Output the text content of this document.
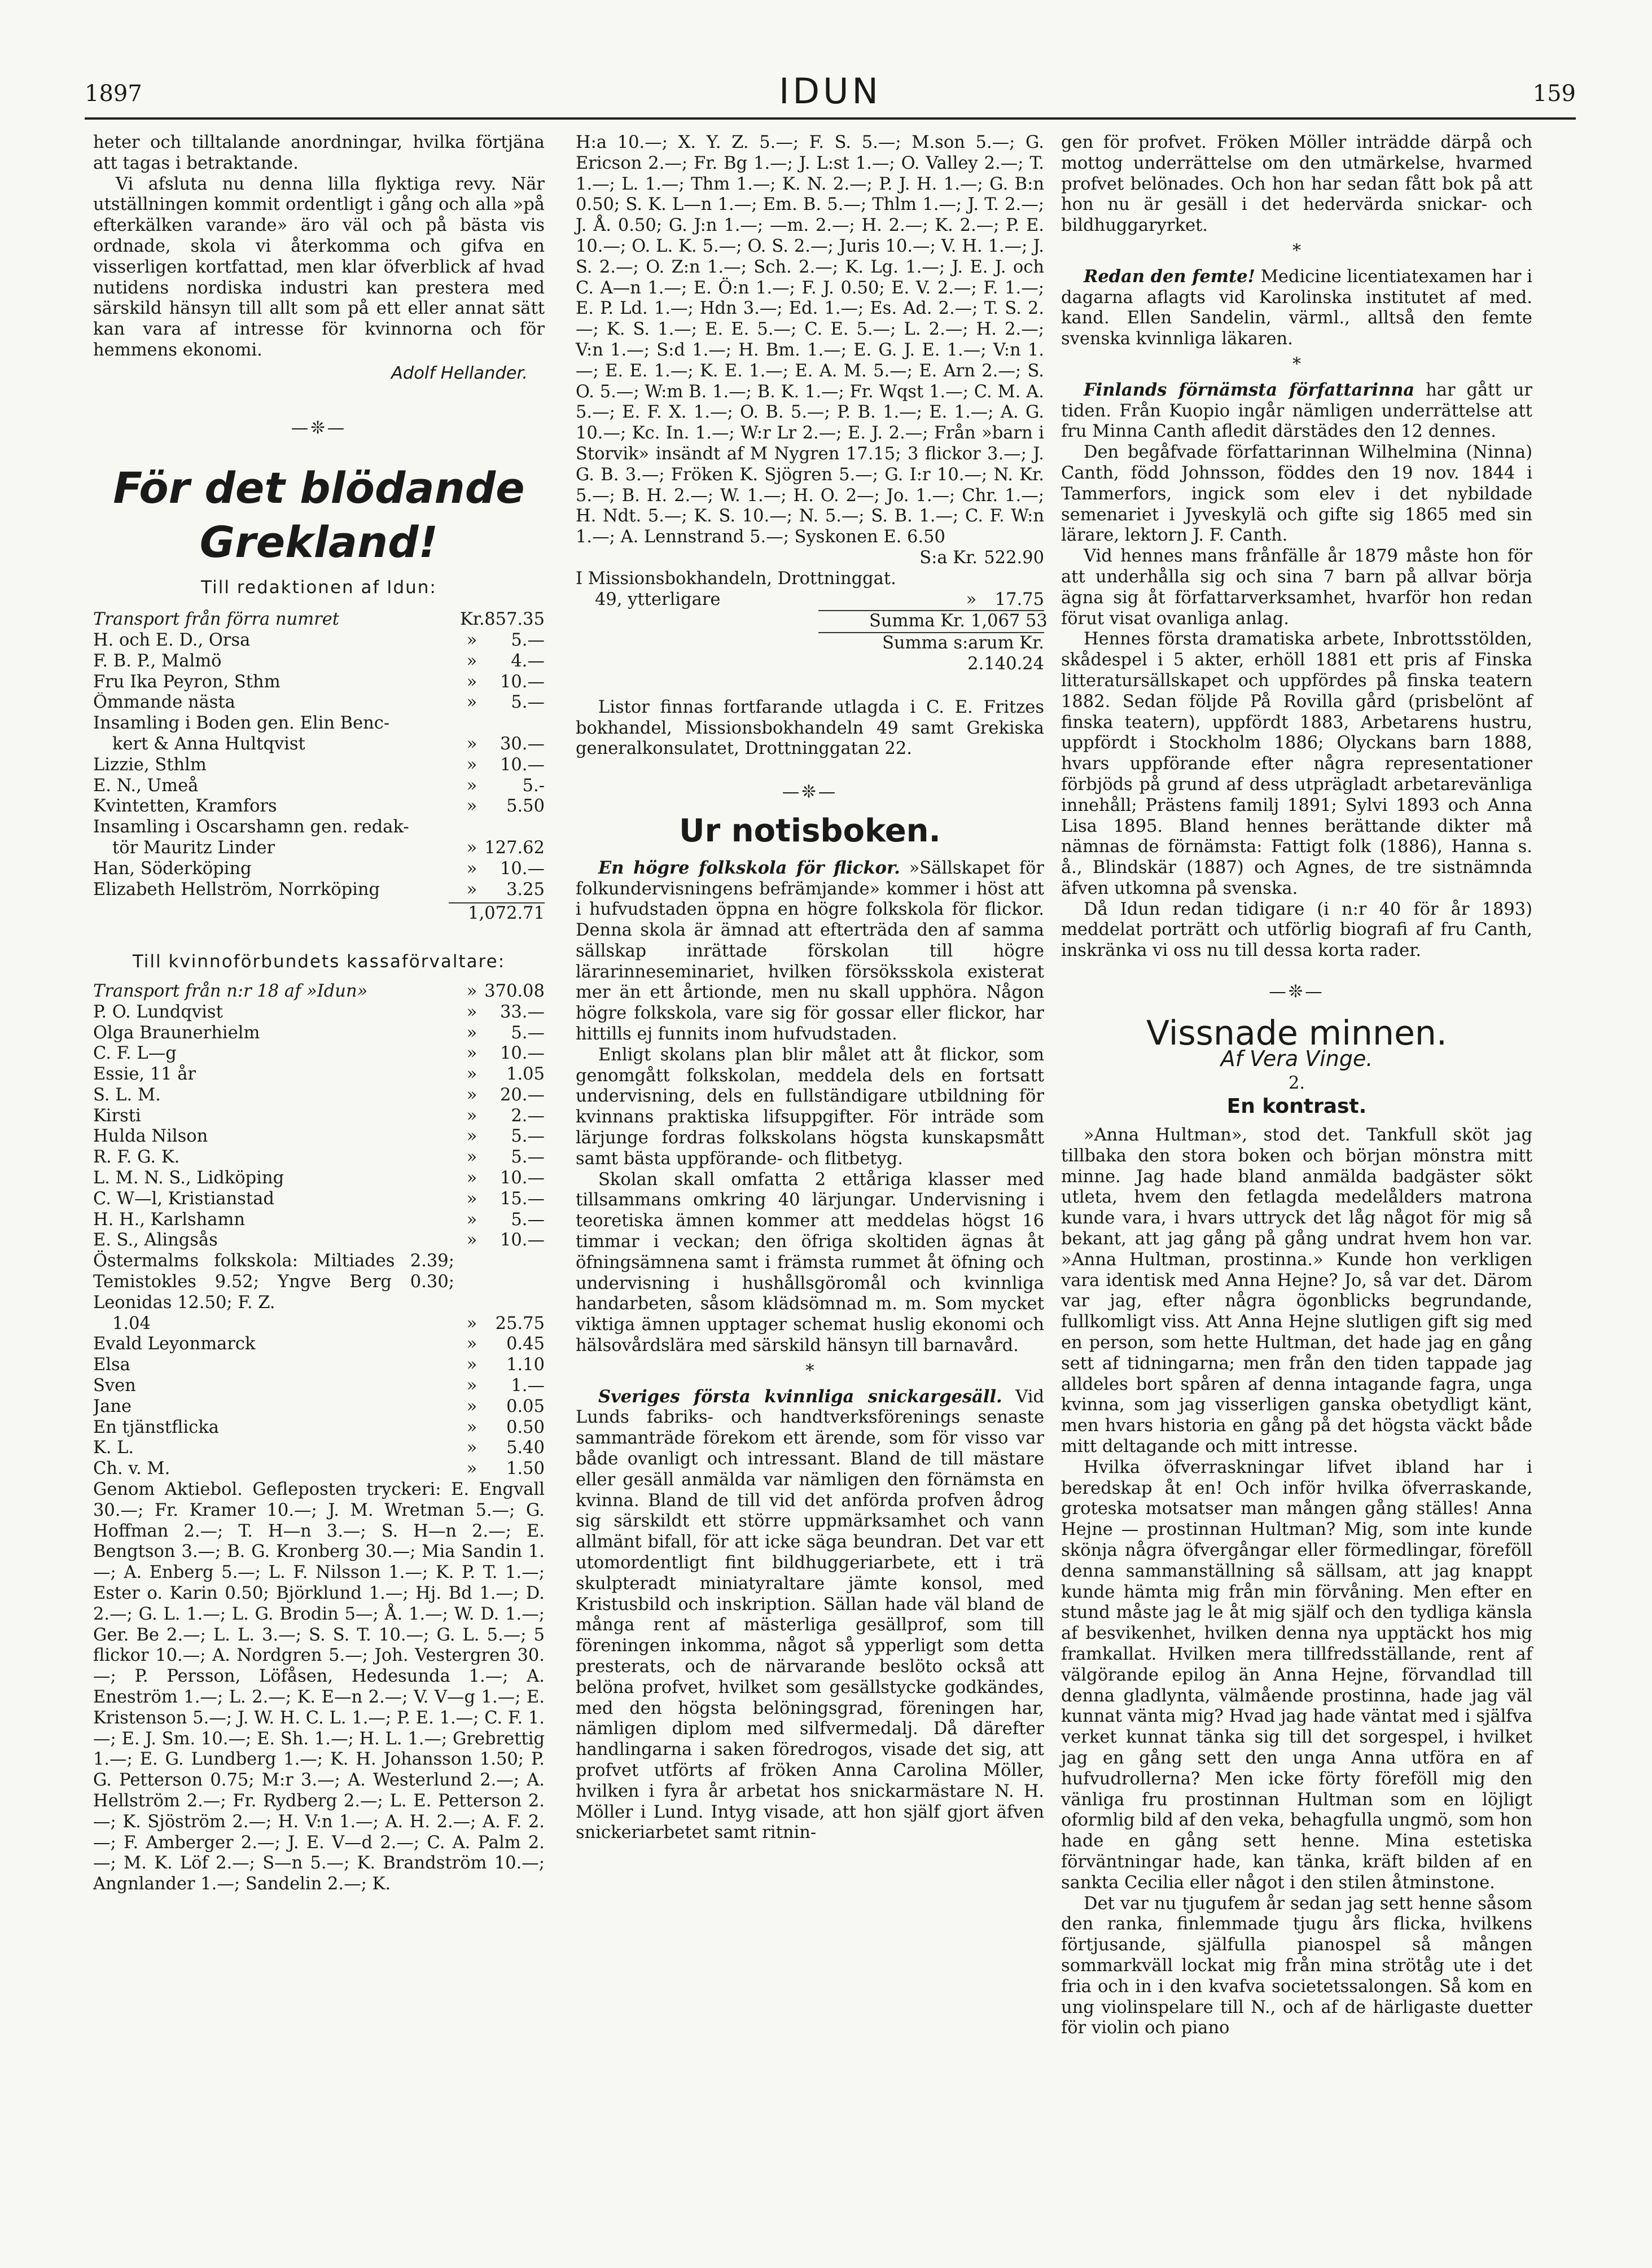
1897	IDUN	159

heter och tilltalande anordningar, hvilka förtjäna att tagas i betraktande.

Vi afsluta nu denna lilla flyktiga revy. När utställningen kommit ordentligt i gång och alla »på efterkälken varande» äro väl och på bästa vis ordnade, skola vi återkomma och gifva en visserligen kortfattad, men klar öfverblick af hvad nutidens nordiska industri kan prestera med särskild hänsyn till allt som på ett eller annat sätt kan vara af intresse för kvinnorna och för hemmens ekonomi.

Adolf Hellander.
—❊—
För det blödande Grekland!
Till redaktionen af Idun:
Transport från förra numret	Kr. 857.35
H. och E. D., Orsa	»	5.—
F. B. P., Malmö	»	4.—
Fru Ika Peyron, Sthm	»	10.—
Ömmande nästa	»	5.—
Insamling i Boden gen. Elin Benc-
kert & Anna Hultqvist	»	30.—
Lizzie, Sthlm	»	10.—
E. N., Umeå	»	5.-
Kvintetten, Kramfors	»	5.50
Insamling i Oscarshamn gen. redak-
tör Mauritz Linder	» 127.62
Han, Söderköping	»	10.—
Elizabeth Hellström, Norrköping	»	3.25
1,072.71
Till kvinnoförbundets kassaförvaltare:
Transport från n:r 18 af »Idun»	» 370.08
P. O. Lundqvist	»	33.—
Olga Braunerhielm	»	5.—
C. F. L—g	»	10.—
Essie, 11 år	»	1.05
S. L. M.	»	20.—
Kirsti	»	2.—
Hulda Nilson	»	5.—
R. F. G. K.	»	5.—
L. M. N. S., Lidköping	»	10.—
C. W—l, Kristianstad	»	15.—
H. H., Karlshamn	»	5.—
E. S., Alingsås	»	10.—

Östermalms folkskola: Miltiades 2.39; Temistokles 9.52; Yngve Berg 0.30; Leonidas 12.50; F. Z.

1.04	»	25.75
Evald Leyonmarck	»	0.45
Elsa	»	1.10
Sven	»	1.—
Jane	»	0.05
En tjänstflicka	»	0.50
K. L.	»	5.40
Ch. v. M.	»	1.50

Genom Aktiebol. Gefleposten tryckeri: E. Engvall 30.—; Fr. Kramer 10.—; J. M. Wretman 5.—; G. Hoffman 2.—; T. H—n 3.—; S. H—n 2.—; E. Bengtson 3.—; B. G. Kronberg 30.—; Mia Sandin 1.—; A. Enberg 5.—; L. F. Nilsson 1.—; K. P. T. 1.—; Ester o. Karin 0.50; Björklund 1.—; Hj. Bd 1.—; D. 2.—; G. L. 1.—; L. G. Brodin 5—; Å. 1.—; W. D. 1.—; Ger. Be 2.—; L. L. 3.—; S. S. T. 10.—; G. L. 5.—; 5 flickor 10.—; A. Nordgren 5.—; Joh. Vestergren 30.—; P. Persson, Löfåsen, Hedesunda 1.—; A. Eneström 1.—; L. 2.—; K. E—n 2.—; V. V—g 1.—; E. Kristenson 5.—; J. W. H. C. L. 1.—; P. E. 1.—; C. F. 1.—; E. J. Sm. 10.—; E. Sh. 1.—; H. L. 1.—; Grebrettig 1.—; E. G. Lundberg 1.—; K. H. Johansson 1.50; P. G. Petterson 0.75; M:r 3.—; A. Westerlund 2.—; A. Hellström 2.—; Fr. Rydberg 2.—; L. E. Petterson 2.—; K. Sjöström 2.—; H. V:n 1.—; A. H. 2.—; A. F. 2.—; F. Amberger 2.—; J. E. V—d 2.—; C. A. Palm 2.—; M. K. Löf 2.—; S—n 5.—; K. Brandström 10.—; Angnlander 1.—; Sandelin 2.—; K.

H:a 10.—; X. Y. Z. 5.—; F. S. 5.—; M.son 5.—; G. Ericson 2.—; Fr. Bg 1.—; J. L:st 1.—; O. Valley 2.—; T. 1.—; L. 1.—; Thm 1.—; K. N. 2.—; P. J. H. 1.—; G. B:n 0.50; S. K. L—n 1.—; Em. B. 5.—; Thlm 1.—; J. T. 2.—; J. Å. 0.50; G. J:n 1.—; —m. 2.—; H. 2.—; K. 2.—; P. E. 10.—; O. L. K. 5.—; O. S. 2.—; Juris 10.—; V. H. 1.—; J. S. 2.—; O. Z:n 1.—; Sch. 2.—; K. Lg. 1.—; J. E. J. och C. A—n 1.—; E. Ö:n 1.—; F. J. 0.50; E. V. 2.—; F. 1.—; E. P. Ld. 1.—; Hdn 3.—; Ed. 1.—; Es. Ad. 2.—; T. S. 2.—; K. S. 1.—; E. E. 5.—; C. E. 5.—; L. 2.—; H. 2.—; V:n 1.—; S:d 1.—; H. Bm. 1.—; E. G. J. E. 1.—; V:n 1.—; E. E. 1.—; K. E. 1.—; E. A. M. 5.—; E. Arn 2.—; S. O. 5.—; W:m B. 1.—; B. K. 1.—; Fr. Wqst 1.—; C. M. A. 5.—; E. F. X. 1.—; O. B. 5.—; P. B. 1.—; E. 1.—; A. G. 10.—; Kc. In. 1.—; W:r Lr 2.—; E. J. 2.—; Från »barn i Storvik» insändt af M Nygren 17.15; 3 flickor 3.—; J. G. B. 3.—; Fröken K. Sjögren 5.—; G. I:r 10.—; N. Kr. 5.—; B. H. 2.—; W. 1.—; H. O. 2—; Jo. 1.—; Chr. 1.—; H. Ndt. 5.—; K. S. 10.—; N. 5.—; S. B. 1.—; C. F. W:n 1.—; A. Lennstrand 5.—; Syskonen E. 6.50

S:a Kr. 522.90
I Missionsbokhandeln, Drottninggat.
49, ytterligare	»	17.75
Summa Kr. 1,067 53
Summa s:arum Kr. 2.140.24

Listor finnas fortfarande utlagda i C. E. Fritzes bokhandel, Missionsbokhandeln 49 samt Grekiska generalkonsulatet, Drottninggatan 22.

—❊—
Ur notisboken.

En högre folkskola för flickor. »Sällskapet för folkundervisningens befrämjande» kommer i höst att i hufvudstaden öppna en högre folkskola för flickor. Denna skola är ämnad att efterträda den af samma sällskap inrättade förskolan till högre lärarinneseminariet, hvilken försöksskola existerat mer än ett årtionde, men nu skall upphöra. Någon högre folkskola, vare sig för gossar eller flickor, har hittills ej funnits inom hufvudstaden.

Enligt skolans plan blir målet att åt flickor, som genomgått folkskolan, meddela dels en fortsatt undervisning, dels en fullständigare utbildning för kvinnans praktiska lifsuppgifter. För inträde som lärjunge fordras folkskolans högsta kunskapsmått samt bästa uppförande- och flitbetyg.

Skolan skall omfatta 2 ettåriga klasser med tillsammans omkring 40 lärjungar. Undervisning i teoretiska ämnen kommer att meddelas högst 16 timmar i veckan; den öfriga skoltiden ägnas åt öfningsämnena samt i främsta rummet åt öfning och undervisning i hushållsgöromål och kvinnliga handarbeten, såsom klädsömnad m. m. Som mycket viktiga ämnen upptager schemat huslig ekonomi och hälsovårdslära med särskild hänsyn till barnavård.

*

Sveriges första kvinnliga snickargesäll. Vid Lunds fabriks- och handtverksförenings senaste sammanträde förekom ett ärende, som för visso var både ovanligt och intressant. Bland de till mästare eller gesäll anmälda var nämligen den förnämsta en kvinna. Bland de till vid det anförda profven ådrog sig särskildt ett större uppmärksamhet och vann allmänt bifall, för att icke säga beundran. Det var ett utomordentligt fint bildhuggeriarbete, ett i trä skulpteradt miniatyraltare jämte konsol, med Kristusbild och inskription. Sällan hade väl bland de många rent af mästerliga gesällprof, som till föreningen inkomma, något så ypperligt som detta presterats, och de närvarande beslöto också att belöna profvet, hvilket som gesällstycke godkändes, med den högsta belöningsgrad, föreningen har, nämligen diplom med silfvermedalj. Då därefter handlingarna i saken föredrogos, visade det sig, att profvet utförts af fröken Anna Carolina Möller, hvilken i fyra år arbetat hos snickarmästare N. H. Möller i Lund. Intyg visade, att hon själf gjort äfven snickeriarbetet samt ritnin-

gen för profvet. Fröken Möller inträdde därpå och mottog underrättelse om den utmärkelse, hvarmed profvet belönades. Och hon har sedan fått bok på att hon nu är gesäll i det hedervärda snickar- och bildhuggaryrket.

*

Redan den femte! Medicine licentiatexamen har i dagarna aflagts vid Karolinska institutet af med. kand. Ellen Sandelin, värml., alltså den femte svenska kvinnliga läkaren.

*

Finlands förnämsta författarinna har gått ur tiden. Från Kuopio ingår nämligen underrättelse att fru Minna Canth afledit därstädes den 12 dennes.

Den begåfvade författarinnan Wilhelmina (Ninna) Canth, född Johnsson, föddes den 19 nov. 1844 i Tammerfors, ingick som elev i det nybildade semenariet i Jyveskylä och gifte sig 1865 med sin lärare, lektorn J. F. Canth.

Vid hennes mans frånfälle år 1879 måste hon för att underhålla sig och sina 7 barn på allvar börja ägna sig åt författarverksamhet, hvarför hon redan förut visat ovanliga anlag.

Hennes första dramatiska arbete, Inbrottsstölden, skådespel i 5 akter, erhöll 1881 ett pris af Finska litteratursällskapet och uppfördes på finska teatern 1882. Sedan följde På Rovilla gård (prisbelönt af finska teatern), uppfördt 1883, Arbetarens hustru, uppfördt i Stockholm 1886; Olyckans barn 1888, hvars uppförande efter några representationer förbjöds på grund af dess utprägladt arbetarevänliga innehåll; Prästens familj 1891; Sylvi 1893 och Anna Lisa 1895. Bland hennes berättande dikter må nämnas de förnämsta: Fattigt folk (1886), Hanna s. å., Blindskär (1887) och Agnes, de tre sistnämnda äfven utkomna på svenska.

Då Idun redan tidigare (i n:r 40 för år 1893) meddelat porträtt och utförlig biografi af fru Canth, inskränka vi oss nu till dessa korta rader.

—❊—
Vissnade minnen.
Af Vera Vinge.
2.
En kontrast.

»Anna Hultman», stod det. Tankfull sköt jag tillbaka den stora boken och början mönstra mitt minne. Jag hade bland anmälda badgäster sökt utleta, hvem den fetlagda medelålders matrona kunde vara, i hvars uttryck det låg något för mig så bekant, att jag gång på gång undrat hvem hon var. »Anna Hultman, prostinna.» Kunde hon verkligen vara identisk med Anna Hejne? Jo, så var det. Därom var jag, efter några ögonblicks begrundande, fullkomligt viss. Att Anna Hejne slutligen gift sig med en person, som hette Hultman, det hade jag en gång sett af tidningarna; men från den tiden tappade jag alldeles bort spåren af denna intagande fagra, unga kvinna, som jag visserligen ganska obetydligt känt, men hvars historia en gång på det högsta väckt både mitt deltagande och mitt intresse.

Hvilka öfverraskningar lifvet ibland har i beredskap åt en! Och inför hvilka öfverraskande, groteska motsatser man mången gång ställes! Anna Hejne — prostinnan Hultman? Mig, som inte kunde skönja några öfvergångar eller förmedlingar, föreföll denna sammanställning så sällsam, att jag knappt kunde hämta mig från min förvåning. Men efter en stund måste jag le åt mig själf och den tydliga känsla af besvikenhet, hvilken denna nya upptäckt hos mig framkallat. Hvilken mera tillfredsställande, rent af välgörande epilog än Anna Hejne, förvandlad till denna gladlynta, välmående prostinna, hade jag väl kunnat vänta mig? Hvad jag hade väntat med i själfva verket kunnat tänka sig till det sorgespel, i hvilket jag en gång sett den unga Anna utföra en af hufvudrollerna? Men icke förty föreföll mig den vänliga fru prostinnan Hultman som en löjligt oformlig bild af den veka, behagfulla ungmö, som hon hade en gång sett henne. Mina estetiska förväntningar hade, kan tänka, kräft bilden af en sankta Cecilia eller något i den stilen åtminstone.

Det var nu tjugufem år sedan jag sett henne såsom den ranka, finlemmade tjugu års flicka, hvilkens förtjusande, själfulla pianospel så mången sommarkväll lockat mig från mina strötåg ute i det fria och in i den kvafva societetssalongen. Så kom en ung violinspelare till N., och af de härligaste duetter för violin och piano
